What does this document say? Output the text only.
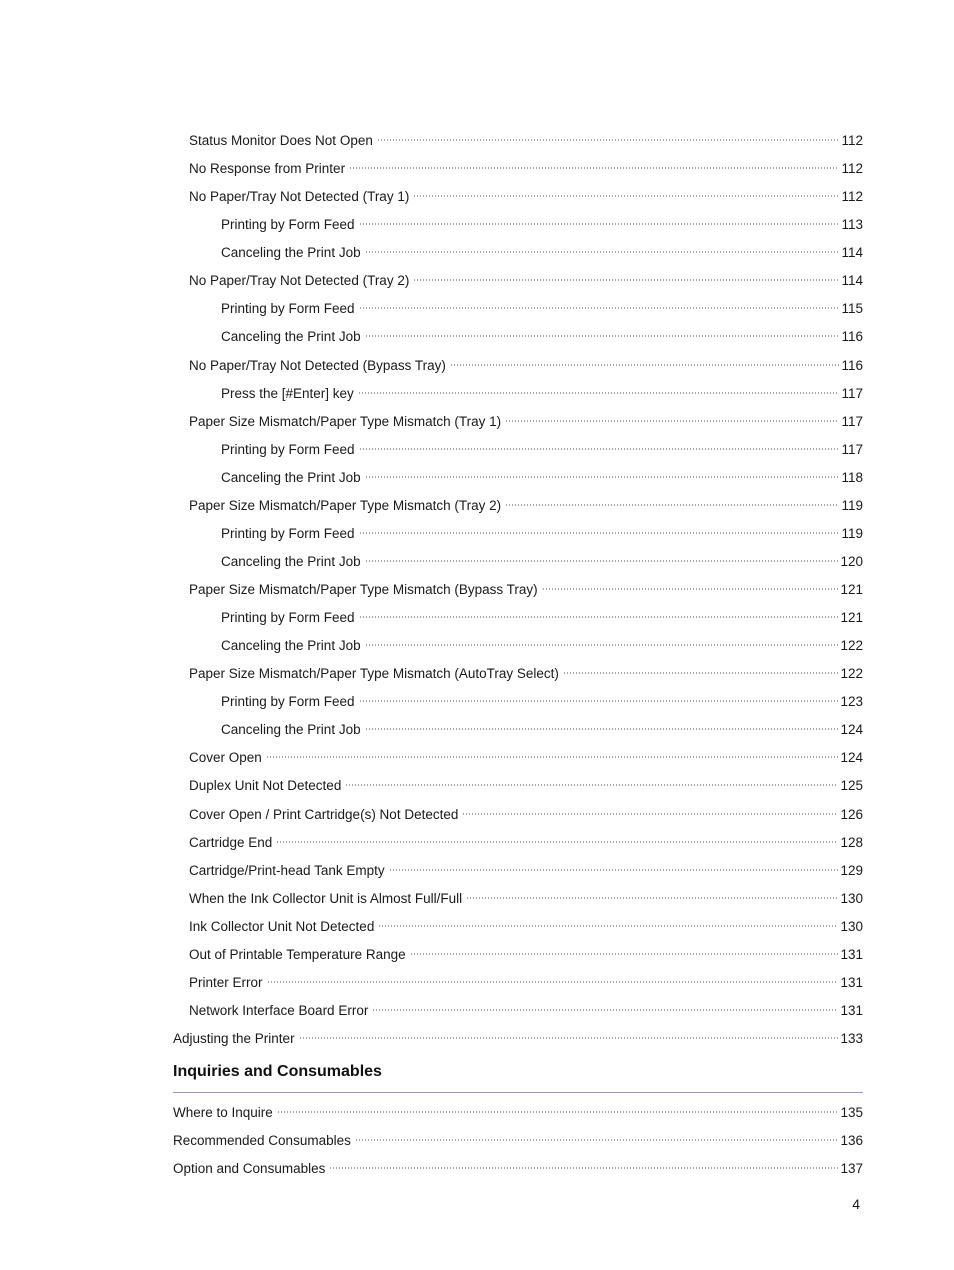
Status Monitor Does Not Open	112
No Response from Printer	112
No Paper/Tray Not Detected (Tray 1)	112
Printing by Form Feed	113
Canceling the Print Job	114
No Paper/Tray Not Detected (Tray 2)	114
Printing by Form Feed	115
Canceling the Print Job	116
No Paper/Tray Not Detected (Bypass Tray)	116
Press the [#Enter] key	117
Paper Size Mismatch/Paper Type Mismatch (Tray 1)	117
Printing by Form Feed	117
Canceling the Print Job	118
Paper Size Mismatch/Paper Type Mismatch (Tray 2)	119
Printing by Form Feed	119
Canceling the Print Job	120
Paper Size Mismatch/Paper Type Mismatch (Bypass Tray)	121
Printing by Form Feed	121
Canceling the Print Job	122
Paper Size Mismatch/Paper Type Mismatch (AutoTray Select)	122
Printing by Form Feed	123
Canceling the Print Job	124
Cover Open	124
Duplex Unit Not Detected	125
Cover Open / Print Cartridge(s) Not Detected	126
Cartridge End	128
Cartridge/Print-head Tank Empty	129
When the Ink Collector Unit is Almost Full/Full	130
Ink Collector Unit Not Detected	130
Out of Printable Temperature Range	131
Printer Error	131
Network Interface Board Error	131
Adjusting the Printer	133
Inquiries and Consumables
Where to Inquire	135
Recommended Consumables	136
Option and Consumables	137
4
